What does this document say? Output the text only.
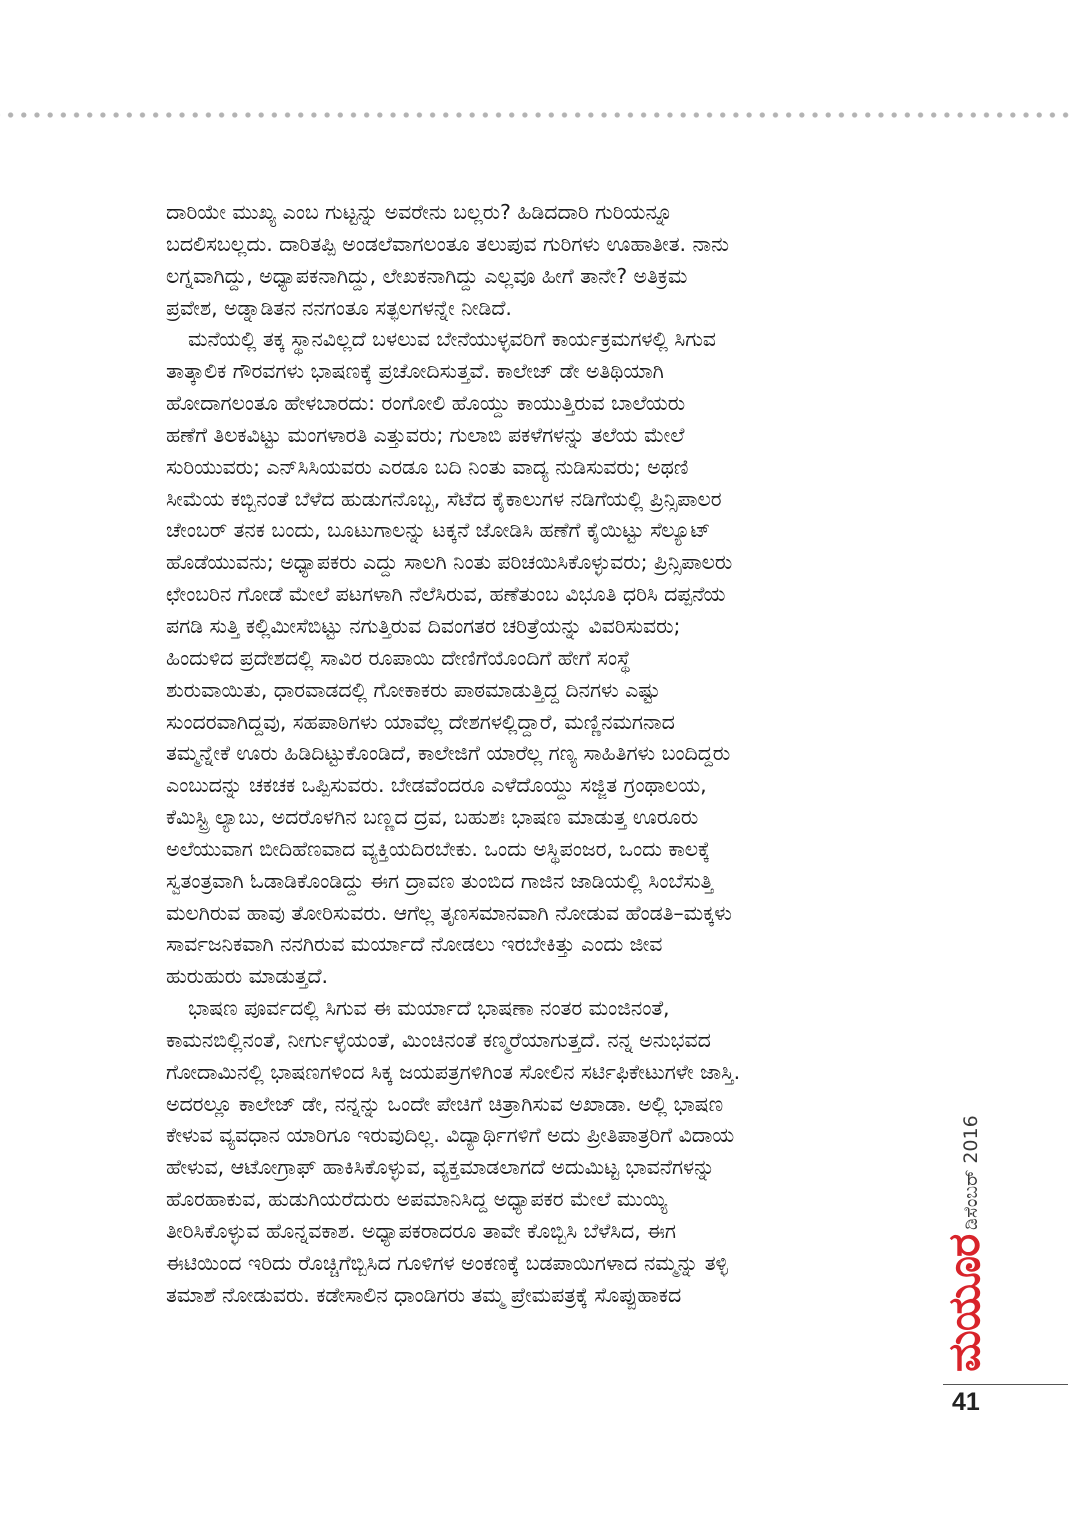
ದಾರಿಯೇ ಮುಖ್ಯ ಎಂಬ ಗುಟ್ಟನ್ನು ಅವರೇನು ಬಲ್ಲರು? ಹಿಡಿದದಾರಿ ಗುರಿಯನ್ನೂ
ಬದಲಿಸಬಲ್ಲದು. ದಾರಿತಪ್ಪಿ ಅಂಡಲೆವಾಗಲಂತೂ ತಲುಪುವ ಗುರಿಗಳು ಊಹಾತೀತ. ನಾನು
ಲಗ್ನವಾಗಿದ್ದು, ಅಧ್ಯಾಪಕನಾಗಿದ್ದು, ಲೇಖಕನಾಗಿದ್ದು ಎಲ್ಲವೂ ಹೀಗೆ ತಾನೇ? ಅತಿಕ್ರಮ
ಪ್ರವೇಶ, ಅಡ್ನಾಡಿತನ ನನಗಂತೂ ಸತ್ಫಲಗಳನ್ನೇ ನೀಡಿದೆ.

ಮನೆಯಲ್ಲಿ ತಕ್ಕ ಸ್ಥಾನವಿಲ್ಲದೆ ಬಳಲುವ ಬೇನೆಯುಳ್ಳವರಿಗೆ ಕಾರ್ಯಕ್ರಮಗಳಲ್ಲಿ ಸಿಗುವ
ತಾತ್ಕಾಲಿಕ ಗೌರವಗಳು ಭಾಷಣಕ್ಕೆ ಪ್ರಚೋದಿಸುತ್ತವೆ. ಕಾಲೇಜ್ ಡೇ ಅತಿಥಿಯಾಗಿ
ಹೋದಾಗಲಂತೂ ಹೇಳಬಾರದು: ರಂಗೋಲಿ ಹೊಯ್ದು ಕಾಯುತ್ತಿರುವ ಬಾಲೆಯರು
ಹಣೆಗೆ ತಿಲಕವಿಟ್ಟು ಮಂಗಳಾರತಿ ಎತ್ತುವರು; ಗುಲಾಬಿ ಪಕಳೆಗಳನ್ನು ತಲೆಯ ಮೇಲೆ
ಸುರಿಯುವರು; ಎನ್‌ಸಿಸಿಯವರು ಎರಡೂ ಬದಿ ನಿಂತು ವಾದ್ಯ ನುಡಿಸುವರು; ಅಥಣಿ
ಸೀಮೆಯ ಕಬ್ಬಿನಂತೆ ಬೆಳೆದ ಹುಡುಗನೊಬ್ಬ, ಸೆಟೆದ ಕೈಕಾಲುಗಳ ನಡಿಗೆಯಲ್ಲಿ ಪ್ರಿನ್ಸಿಪಾಲರ
ಚೇಂಬರ್ ತನಕ ಬಂದು, ಬೂಟುಗಾಲನ್ನು ಟಕ್ಕನೆ ಜೋಡಿಸಿ ಹಣೆಗೆ ಕೈಯಿಟ್ಟು ಸೆಲ್ಯೂಟ್
ಹೊಡೆಯುವನು; ಅಧ್ಯಾಪಕರು ಎದ್ದು ಸಾಲಗಿ ನಿಂತು ಪರಿಚಯಿಸಿಕೊಳ್ಳುವರು; ಪ್ರಿನ್ಸಿಪಾಲರು
ಛೇಂಬರಿನ ಗೋಡೆ ಮೇಲೆ ಪಟಗಳಾಗಿ ನೆಲೆಸಿರುವ, ಹಣೆತುಂಬ ವಿಭೂತಿ ಧರಿಸಿ ದಪ್ಪನೆಯ
ಪಗಡಿ ಸುತ್ತಿ ಕಲ್ಲಿಮೀಸೆಬಿಟ್ಟು ನಗುತ್ತಿರುವ ದಿವಂಗತರ ಚರಿತ್ರೆಯನ್ನು ವಿವರಿಸುವರು;
ಹಿಂದುಳಿದ ಪ್ರದೇಶದಲ್ಲಿ ಸಾವಿರ ರೂಪಾಯಿ ದೇಣಿಗೆಯೊಂದಿಗೆ ಹೇಗೆ ಸಂಸ್ಥೆ
ಶುರುವಾಯಿತು, ಧಾರವಾಡದಲ್ಲಿ ಗೋಕಾಕರು ಪಾಠಮಾಡುತ್ತಿದ್ದ ದಿನಗಳು ಎಷ್ಟು
ಸುಂದರವಾಗಿದ್ದವು, ಸಹಪಾಠಿಗಳು ಯಾವೆಲ್ಲ ದೇಶಗಳಲ್ಲಿದ್ದಾರೆ, ಮಣ್ಣಿನಮಗನಾದ
ತಮ್ಮನ್ನೇಕೆ ಊರು ಹಿಡಿದಿಟ್ಟುಕೊಂಡಿದೆ, ಕಾಲೇಜಿಗೆ ಯಾರೆಲ್ಲ ಗಣ್ಯ ಸಾಹಿತಿಗಳು ಬಂದಿದ್ದರು
ಎಂಬುದನ್ನು ಚಕಚಕ ಒಪ್ಪಿಸುವರು. ಬೇಡವೆಂದರೂ ಎಳೆದೊಯ್ದು ಸಜ್ಜಿತ ಗ್ರಂಥಾಲಯ,
ಕೆಮಿಸ್ಟ್ರಿ ಲ್ಯಾಬು, ಅದರೊಳಗಿನ ಬಣ್ಣದ ದ್ರವ, ಬಹುಶಃ ಭಾಷಣ ಮಾಡುತ್ತ ಊರೂರು
ಅಲೆಯುವಾಗ ಬೀದಿಹೆಣವಾದ ವ್ಯಕ್ತಿಯದಿರಬೇಕು. ಒಂದು ಅಸ್ಥಿಪಂಜರ, ಒಂದು ಕಾಲಕ್ಕೆ
ಸ್ವತಂತ್ರವಾಗಿ ಓಡಾಡಿಕೊಂಡಿದ್ದು ಈಗ ದ್ರಾವಣ ತುಂಬಿದ ಗಾಜಿನ ಜಾಡಿಯಲ್ಲಿ ಸಿಂಬೆಸುತ್ತಿ
ಮಲಗಿರುವ ಹಾವು ತೋರಿಸುವರು. ಆಗೆಲ್ಲ ತೃಣಸಮಾನವಾಗಿ ನೋಡುವ ಹೆಂಡತಿ–ಮಕ್ಕಳು
ಸಾರ್ವಜನಿಕವಾಗಿ ನನಗಿರುವ ಮರ್ಯಾದೆ ನೋಡಲು ಇರಬೇಕಿತ್ತು ಎಂದು ಜೀವ
ಹುರುಹುರು ಮಾಡುತ್ತದೆ.

ಭಾಷಣ ಪೂರ್ವದಲ್ಲಿ ಸಿಗುವ ಈ ಮರ್ಯಾದೆ ಭಾಷಣಾ ನಂತರ ಮಂಜಿನಂತೆ,
ಕಾಮನಬಿಲ್ಲಿನಂತೆ, ನೀರ್ಗುಳ್ಳೆಯಂತೆ, ಮಿಂಚಿನಂತೆ ಕಣ್ಮರೆಯಾಗುತ್ತದೆ. ನನ್ನ ಅನುಭವದ
ಗೋದಾಮಿನಲ್ಲಿ ಭಾಷಣಗಳಿಂದ ಸಿಕ್ಕ ಜಯಪತ್ರಗಳಿಗಿಂತ ಸೋಲಿನ ಸರ್ಟಿಫಿಕೇಟುಗಳೇ ಜಾಸ್ತಿ.
ಅದರಲ್ಲೂ ಕಾಲೇಜ್ ಡೇ, ನನ್ನನ್ನು ಒಂದೇ ಪೇಚಿಗೆ ಚಿತ್ರಾಗಿಸುವ ಅಖಾಡಾ. ಅಲ್ಲಿ ಭಾಷಣ
ಕೇಳುವ ವ್ಯವಧಾನ ಯಾರಿಗೂ ಇರುವುದಿಲ್ಲ. ವಿದ್ಯಾರ್ಥಿಗಳಿಗೆ ಅದು ಪ್ರೀತಿಪಾತ್ರರಿಗೆ ವಿದಾಯ
ಹೇಳುವ, ಆಟೋಗ್ರಾಫ್ ಹಾಕಿಸಿಕೊಳ್ಳುವ, ವ್ಯಕ್ತಮಾಡಲಾಗದೆ ಅದುಮಿಟ್ಟ ಭಾವನೆಗಳನ್ನು
ಹೊರಹಾಕುವ, ಹುಡುಗಿಯರೆದುರು ಅಪಮಾನಿಸಿದ್ದ ಅಧ್ಯಾಪಕರ ಮೇಲೆ ಮುಯ್ಯಿ
ತೀರಿಸಿಕೊಳ್ಳುವ ಹೊನ್ನವಕಾಶ. ಅಧ್ಯಾಪಕರಾದರೂ ತಾವೇ ಕೊಬ್ಬಿಸಿ ಬೆಳೆಸಿದ, ಈಗ
ಈಟಿಯಿಂದ ಇರಿದು ರೊಚ್ಚಿಗೆಬ್ಬಿಸಿದ ಗೂಳಿಗಳ ಅಂಕಣಕ್ಕೆ ಬಡಪಾಯಿಗಳಾದ ನಮ್ಮನ್ನು ತಳ್ಳಿ
ತಮಾಶೆ ನೋಡುವರು. ಕಡೇಸಾಲಿನ ಧಾಂಡಿಗರು ತಮ್ಮ ಪ್ರೇಮಪತ್ರಕ್ಕೆ ಸೊಪ್ಪುಹಾಕದ

ಡಿಸೆಂಬರ್ 2016
ಮಯೂರ
41
